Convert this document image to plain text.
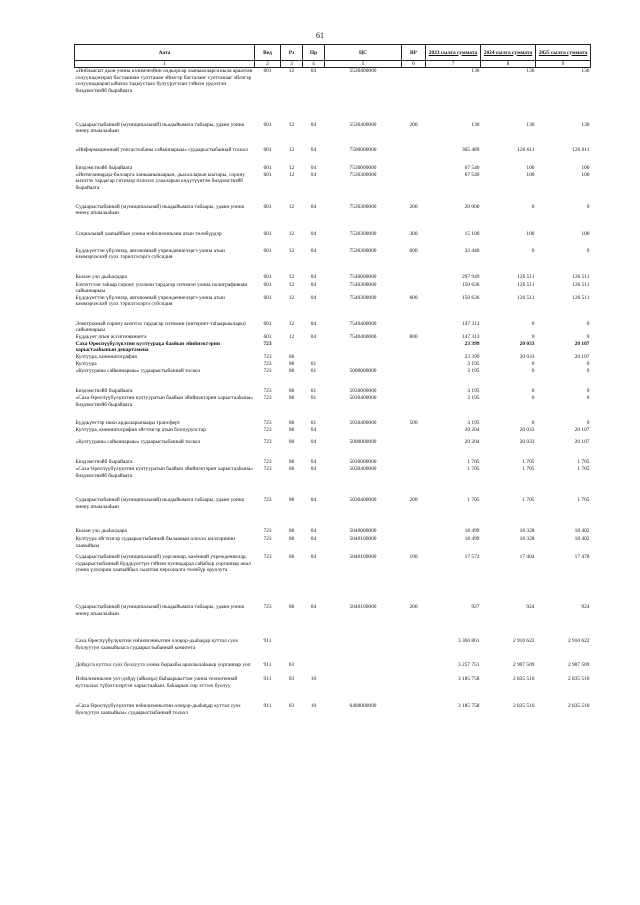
61
Аата	Вед	Рз	Пр	ЦС	ВР	2023 сылга суммата	2024 сылга суммата	2025 сылга суммата
1	2	3	4	5	6	7	8	9
«Инблаасыт дьон уонна кэлимэнэйин олдьорсар хаачыалларга кыла араазтан солуунадэнэрап бастааннан суоттанан эйнэгэр басталанс суоттанааг эйлэгэр солуунаднарап ыйаэпа тадыустаах булууругэхан тэйнэн урдээтэн биэдэмствэйб бырайаата	601	12	04	5530400000		130	130	130
Судаарыстыбаннай (муниципальнай) ньадыйымата табаары, удаин уонна өнөөү атыылааһын	601	12	04	5530400000	200	130	130	130
«Информационнай уопсастыбаны сайыннарыы» судаарыстыбаннай тоскол	601	12	04	7500000000		365 489	126 611	126 611
Биэдэмствэйб бырайаата	601	12	04	7530000000		67 540	100	100
«Интиганнарды-билларга ханкаанынаарын, дьасалларын ыытары, сорону киэптэх тардагар ситимэр пэлпээх улааларын көдүтүүнтэн биэдэмствэйб бырайаата	601	12	04	7530300000		67 540	100	100
Судаарыстыбаннай (муниципальнай) ньадыйымата табаары, удаин уонна өнөөү атыылааһын	601	12	04	7530300000	200	20 000	0	0
Социальнай хаачыйбын уонна нэһилиэнньэни атын төлөбүрдэр	601	12	04	7530300000	300	15 100	100	100
Бүддьүөттэн үбүлэнэр, автономнай учреждениелэргэ уонна атын кэммэрчэскэй суох тэрилтэлэргэ субсидия	601	12	04	7530300000	600	32 440	0	0
Кылан уло дьаһалдара	601	12	04	7540000000		297 949	126 511	126 511
Бэчээттээн таһаар сорону уолэнэн тардагар ситимэн уонна полиграфиянан сайыннарыы	601	12	04	7540300000		150 636	126 511	126 511
Бүддьүөттэн үбүлэнэр, автономнай учреждениелэргэ уонна атын кэммэрчэскэй суох тэрилтэлэргэ субсидия	601	12	04	7540300000	600	150 636	126 511	126 511
Электроннай сорону киэптэх тардагар ситимин (интернет-таһаарыылары) сайыннарыы	601	12	04	7540400000		147 313	0	0
Бүддьүөт атын ассигнованиета	601	12	04	7540400000	800	147 313	0	0
Саха Өрөспүүбүлүкэтин култуураҕа баайын эйийиэктэрин харыстааһынын департамена	723					23 399	20 033	20 107
Култуура, кинематография	723	08				23 399	20 033	20 107
Култуура	723	08	01			3 195	0	0
«Култуураны сайыннарыы» судаарыстыбаннай тоскол	723	08	01	5000000000		3 195	0	0
Биэдэмствэйб бырайаата	723	08	01	5030000000		3 195	0	0
«Саха Өрөспүүбүлүкэтин култууратын баайын эйийиэктэрин харыстааһына» биэдэмствэйб бырайаата	723	08	01	5030400000		3 195	0	0
Бүддьүөттэр икки ардыларынааҕы трансферт	723	08	01	5030400000	500	3 195	0	0
Култуура, кинематография эйгэтигэр атын боппуруостар	723	08	04			20 204	20 033	20 107
«Култуураны сайыннарыы» судаарыстыбаннай тоскол	723	08	04	5000000000		20 204	20 033	20 107
Биэдэмствэйб бырайаата	723	08	04	5030000000		1 705	1 705	1 705
«Саха Өрөспүүбүлүкэтин култууратын баайын эйийиэктэрин харыстааһына» биэдэмствэйб бырайаата	723	08	04	5030400000		1 705	1 705	1 705
Судаарыстыбаннай (муниципальнай) ньадыйымата табаары, удаин уонна өнөөү атыылааһын	723	08	04	5030400000	200	1 705	1 705	1 705
Кылан уло дьаһалдара	723	08	04	5040000000		18 499	18 328	18 402
Култуура эйгэтигэр судаарыстыбаннай былаанын олоххо киллэриини хаачыйыы	723	08	04	5040100000		18 499	18 328	18 402
Судаарыстыбаннай (муниципальнай) уорганнар, казённай учреждениелар, судаарыстыбаннай бүддьүөттүн тэйнэн пуонадарда сайабыр уорганнар анал уонна үлэлэрин хаачыйбыл сыаптан персоналга төлөбүр оруолута	723	08	04	5040100000	100	17 572	17 404	17 478
Судаарыстыбаннай (муниципальнай) ньадыйымата табаары, удаин уонна өнөөү атыылааһын	723	08	04	5040100000	200	927	924	924
Саха Өрөспүүбүлүкэтин нэһилиэнньэтин олоҕор-дьаһаҕар куттал суох буолуутун хаачыйыыга судаарыстыбаннай комитета	911					3 360 861	2 910 622	2 910 622
Дойдуга куттал суох буолуута уонна быраабы арахчылаһыыр уорганнар уоп	911	03				3 257 751	2 907 509	2 907 509
Нэһилиэнньэни уот-дэйдү (айылҕа) быһаарыыттан уонна техногеннай кутталлах түбэлтэлэртэн харыстааһын, баһаарын сир эттээх буолуу	911	03	10			3 185 758	2 835 516	2 835 516
«Саха Өрөспүүбүлүкэтин нэһилиэнньэтин олоҕор-дьаһаҕар куттал суох буолуутун хаачыйыы» судаарыстыбаннай тоскол	911	03	10	6400000000		3 185 758	2 835 516	2 835 516
